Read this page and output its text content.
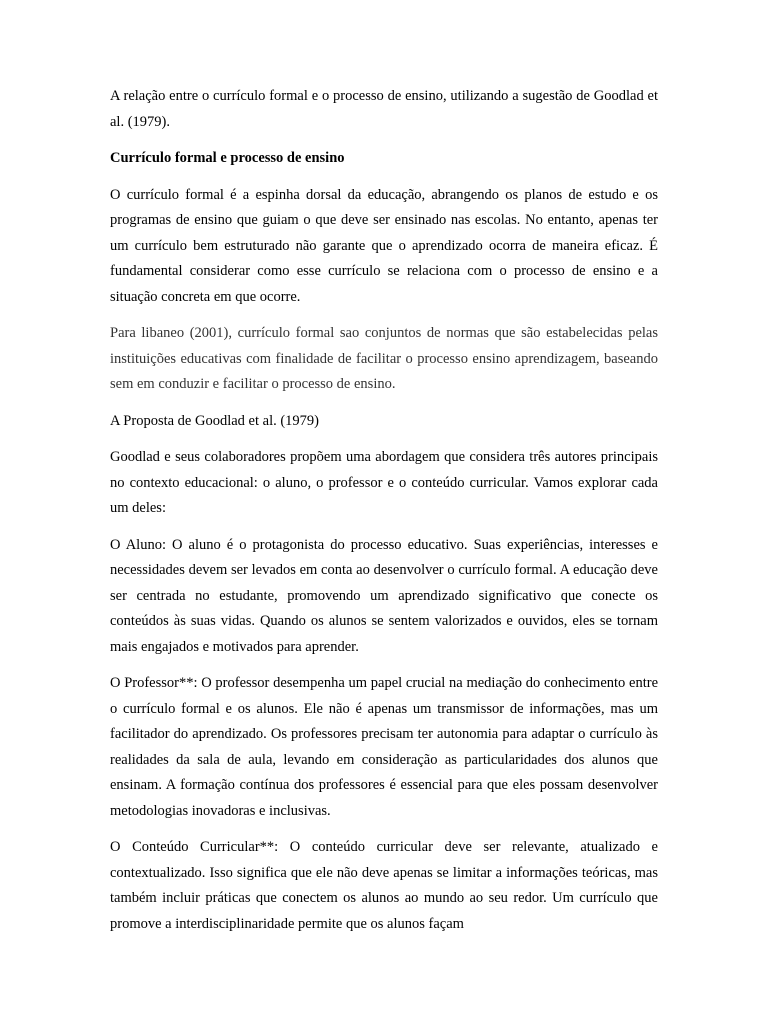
A relação entre o currículo formal e o processo de ensino, utilizando a sugestão de Goodlad et al. (1979).

Currículo formal e processo de ensino

O currículo formal é a espinha dorsal da educação, abrangendo os planos de estudo e os programas de ensino que guiam o que deve ser ensinado nas escolas. No entanto, apenas ter um currículo bem estruturado não garante que o aprendizado ocorra de maneira eficaz. É fundamental considerar como esse currículo se relaciona com o processo de ensino e a situação concreta em que ocorre.

Para libaneo (2001), currículo formal sao conjuntos de normas que são estabelecidas pelas instituições educativas com finalidade de facilitar o processo ensino aprendizagem, baseando sem em conduzir e facilitar o processo de ensino.

A Proposta de Goodlad et al. (1979)

Goodlad e seus colaboradores propõem uma abordagem que considera três autores principais no contexto educacional: o aluno, o professor e o conteúdo curricular. Vamos explorar cada um deles:

O Aluno: O aluno é o protagonista do processo educativo. Suas experiências, interesses e necessidades devem ser levados em conta ao desenvolver o currículo formal. A educação deve ser centrada no estudante, promovendo um aprendizado significativo que conecte os conteúdos às suas vidas. Quando os alunos se sentem valorizados e ouvidos, eles se tornam mais engajados e motivados para aprender.

O Professor**: O professor desempenha um papel crucial na mediação do conhecimento entre o currículo formal e os alunos. Ele não é apenas um transmissor de informações, mas um facilitador do aprendizado. Os professores precisam ter autonomia para adaptar o currículo às realidades da sala de aula, levando em consideração as particularidades dos alunos que ensinam. A formação contínua dos professores é essencial para que eles possam desenvolver metodologias inovadoras e inclusivas.

O Conteúdo Curricular**: O conteúdo curricular deve ser relevante, atualizado e contextualizado. Isso significa que ele não deve apenas se limitar a informações teóricas, mas também incluir práticas que conectem os alunos ao mundo ao seu redor. Um currículo que promove a interdisciplinaridade permite que os alunos façam
